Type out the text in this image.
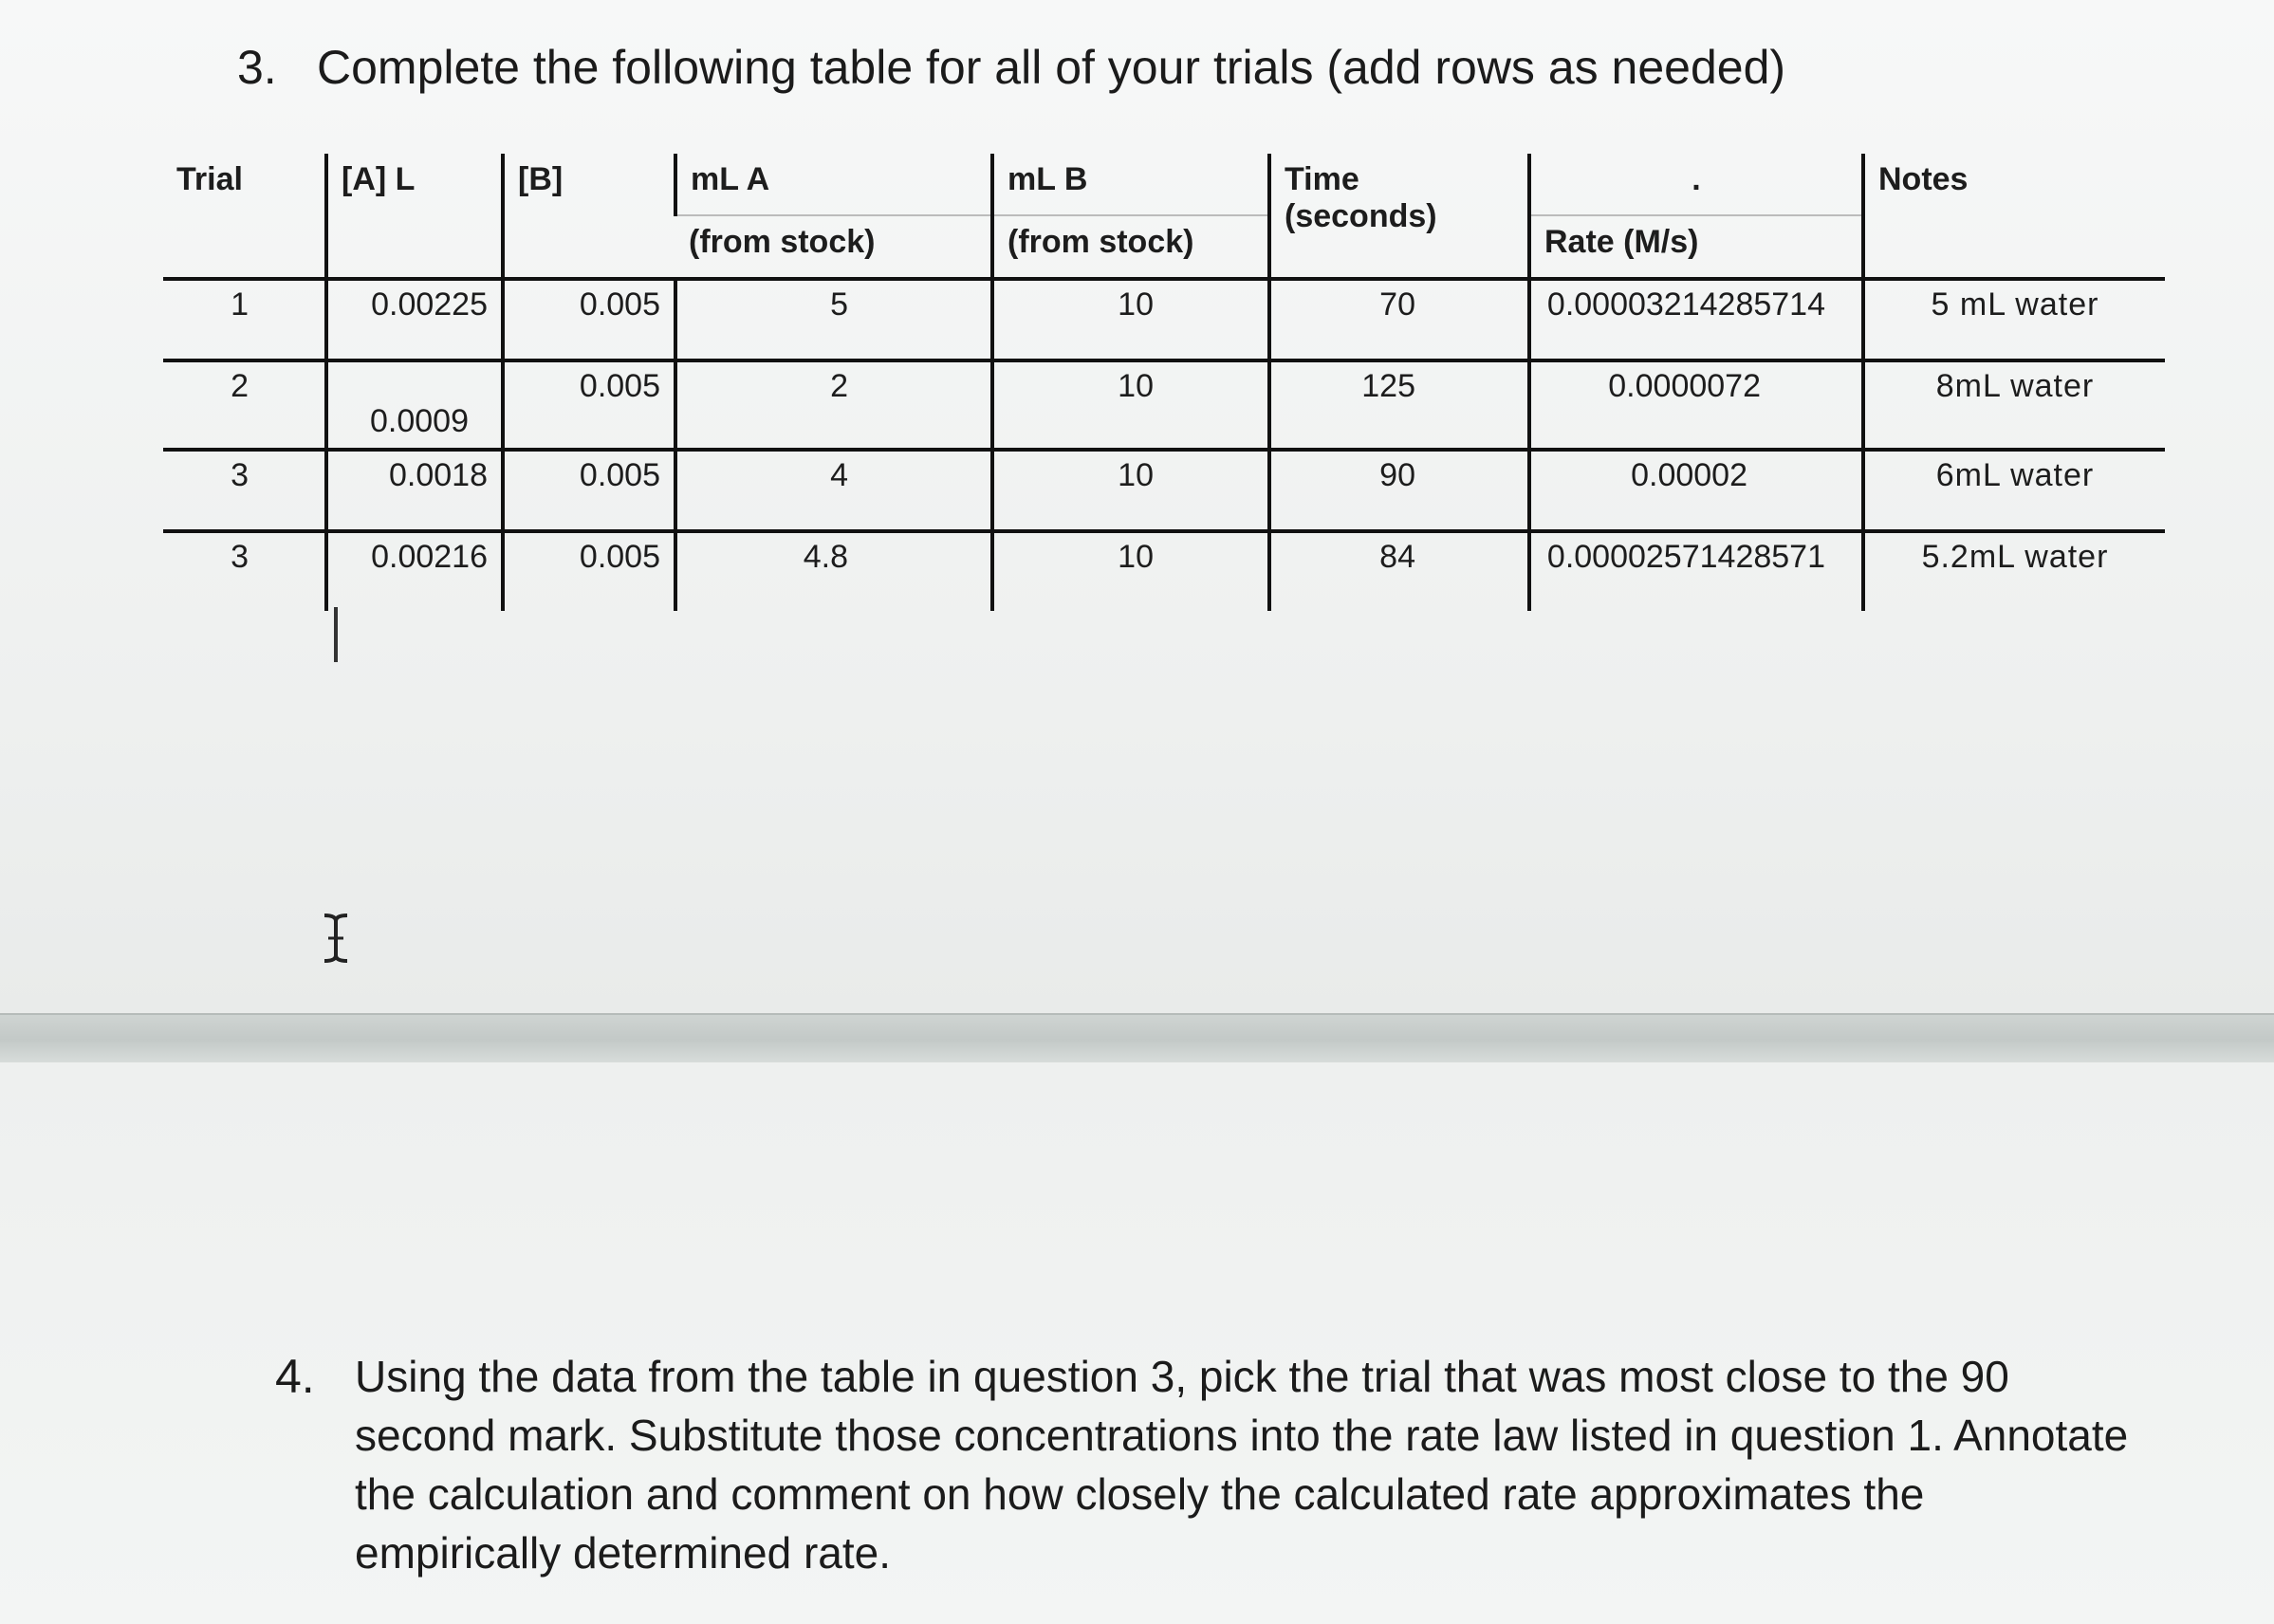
3. Complete the following table for all of your trials (add rows as needed)
Trial	[A] L	[B]	mL A	mL B	Time (seconds)	.	Notes
			(from stock)	(from stock)		Rate (M/s)	
1	0.00225	0.005	5	10	70	0.00003214285714	5 mL water
2	0.0009	0.005	2	10	125	0.0000072	8mL water
3	0.0018	0.005	4	10	90	0.00002	6mL water
3	0.00216	0.005	4.8	10	84	0.00002571428571	5.2mL water
4. Using the data from the table in question 3, pick the trial that was most close to the 90 second mark. Substitute those concentrations into the rate law listed in question 1. Annotate the calculation and comment on how closely the calculated rate approximates the empirically determined rate.
